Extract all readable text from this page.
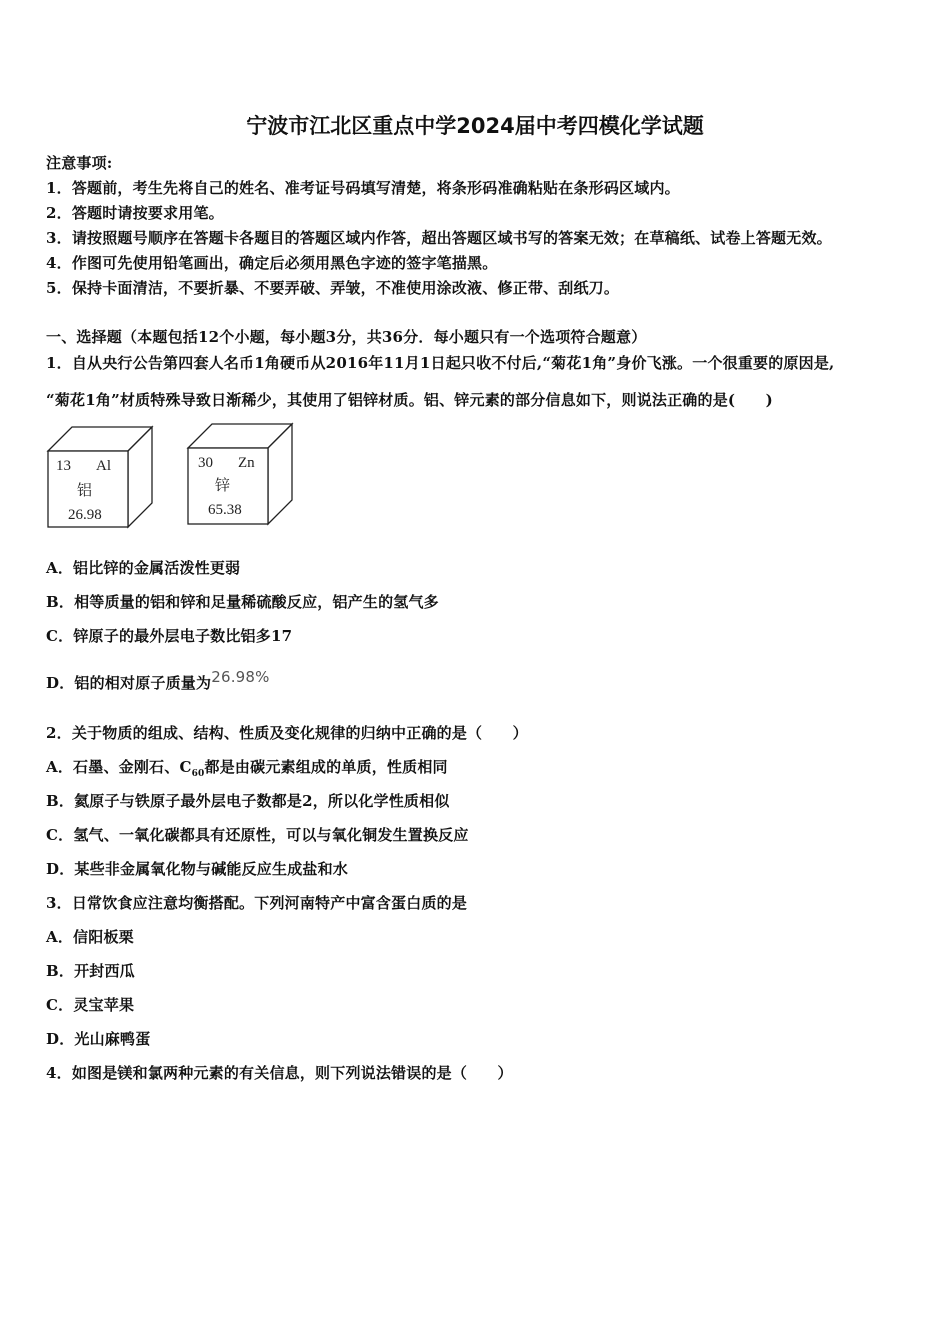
宁波市江北区重点中学2024届中考四模化学试题
注意事项:
1．答题前，考生先将自己的姓名、准考证号码填写清楚，将条形码准确粘贴在条形码区域内。
2．答题时请按要求用笔。
3．请按照题号顺序在答题卡各题目的答题区域内作答，超出答题区域书写的答案无效；在草稿纸、试卷上答题无效。
4．作图可先使用铅笔画出，确定后必须用黑色字迹的签字笔描黑。
5．保持卡面清洁，不要折暴、不要弄破、弄皱，不准使用涂改液、修正带、刮纸刀。
一、选择题（本题包括12个小题，每小题3分，共36分．每小题只有一个选项符合题意）
1．自从央行公告第四套人名币1角硬币从2016年11月1日起只收不付后,“菊花1角”身价飞涨。一个很重要的原因是,
“菊花1角”材质特殊导致日渐稀少，其使用了铝锌材质。铝、锌元素的部分信息如下，则说法正确的是(　　)
13 Al
铝
26.98
30 Zn
锌
65.38
A．铝比锌的金属活泼性更弱
B．相等质量的铝和锌和足量稀硫酸反应，铝产生的氢气多
C．锌原子的最外层电子数比铝多17
D．铝的相对原子质量为26.98%
2．关于物质的组成、结构、性质及变化规律的归纳中正确的是（　　）
A．石墨、金刚石、$C_{60}$都是由碳元素组成的单质，性质相同
B．氦原子与铁原子最外层电子数都是2，所以化学性质相似
C．氢气、一氧化碳都具有还原性，可以与氧化铜发生置换反应
D．某些非金属氧化物与碱能反应生成盐和水
3．日常饮食应注意均衡搭配。下列河南特产中富含蛋白质的是
A．信阳板栗
B．开封西瓜
C．灵宝苹果
D．光山麻鸭蛋
4．如图是镁和氯两种元素的有关信息，则下列说法错误的是（　　）
